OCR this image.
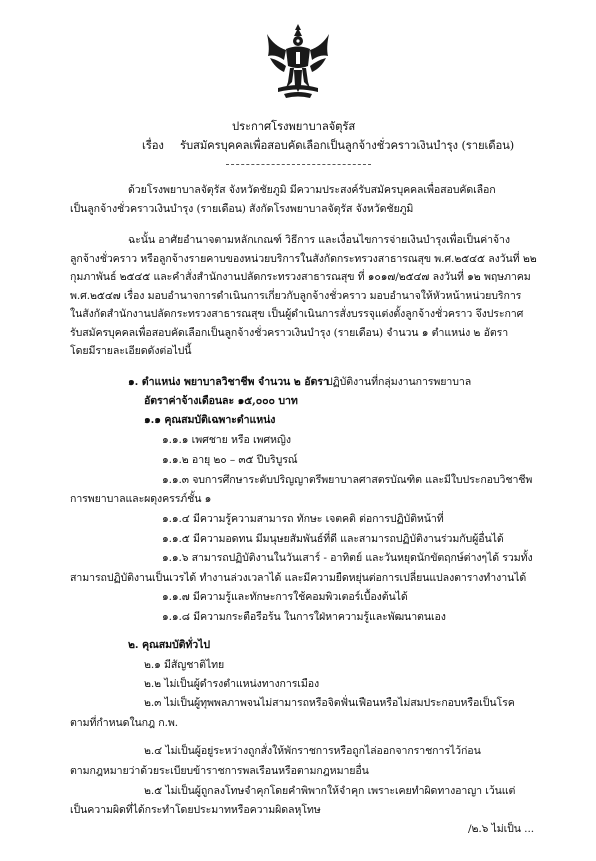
ประกาศโรงพยาบาลจัตุรัส
เรื่อง รับสมัครบุคคลเพื่อสอบคัดเลือกเป็นลูกจ้างชั่วคราวเงินบำรุง (รายเดือน)
ด้วยโรงพยาบาลจัตุรัส จังหวัดชัยภูมิ มีความประสงค์รับสมัครบุคคลเพื่อสอบคัดเลือก
เป็นลูกจ้างชั่วคราวเงินบำรุง (รายเดือน) สังกัดโรงพยาบาลจัตุรัส จังหวัดชัยภูมิ
ฉะนั้น อาศัยอำนาจตามหลักเกณฑ์ วิธีการ และเงื่อนไขการจ่ายเงินบำรุงเพื่อเป็นค่าจ้าง
ลูกจ้างชั่วคราว หรือลูกจ้างรายคาบของหน่วยบริการในสังกัดกระทรวงสาธารณสุข พ.ศ.๒๕๔๕ ลงวันที่ ๒๒
กุมภาพันธ์ ๒๕๔๕ และคำสั่งสำนักงานปลัดกระทรวงสาธารณสุข ที่ ๑๐๑๗/๒๕๔๗ ลงวันที่ ๑๒ พฤษภาคม
พ.ศ.๒๕๔๗ เรื่อง มอบอำนาจการดำเนินการเกี่ยวกับลูกจ้างชั่วคราว มอบอำนาจให้หัวหน้าหน่วยบริการ
ในสังกัดสำนักงานปลัดกระทรวงสาธารณสุข เป็นผู้ดำเนินการสั่งบรรจุแต่งตั้งลูกจ้างชั่วคราว จึงประกาศ
รับสมัครบุคคลเพื่อสอบคัดเลือกเป็นลูกจ้างชั่วคราวเงินบำรุง (รายเดือน) จำนวน ๑ ตำแหน่ง ๒ อัตรา
โดยมีรายละเอียดดังต่อไปนี้
๑. ตำแหน่ง พยาบาลวิชาชีพ จำนวน ๒ อัตรา
ปฏิบัติงานที่กลุ่มงานการพยาบาล
อัตราค่าจ้างเดือนละ ๑๕,๐๐๐ บาท
๑.๑ คุณสมบัติเฉพาะตำแหน่ง
๑.๑.๑ เพศชาย หรือ เพศหญิง
๑.๑.๒ อายุ ๒๐ – ๓๕ ปีบริบูรณ์
๑.๑.๓ จบการศึกษาระดับปริญญาตรีพยาบาลศาสตรบัณฑิต และมีใบประกอบวิชาชีพ
การพยาบาลและผดุงครรภ์ชั้น ๑
๑.๑.๔ มีความรู้ความสามารถ ทักษะ เจตคติ ต่อการปฏิบัติหน้าที่
๑.๑.๕ มีความอดทน มีมนุษยสัมพันธ์ที่ดี และสามารถปฏิบัติงานร่วมกับผู้อื่นได้
๑.๑.๖ สามารถปฏิบัติงานในวันเสาร์ - อาทิตย์ และวันหยุดนักขัตฤกษ์ต่างๆได้ รวมทั้ง
สามารถปฏิบัติงานเป็นเวรได้ ทำงานล่วงเวลาได้ และมีความยืดหยุ่นต่อการเปลี่ยนแปลงตารางทำงานได้
๑.๑.๗ มีความรู้และทักษะการใช้คอมพิวเตอร์เบื้องต้นได้
๑.๑.๘ มีความกระตือรือร้น ในการใฝ่หาความรู้และพัฒนาตนเอง
๒. คุณสมบัติทั่วไป
๒.๑ มีสัญชาติไทย
๒.๒ ไม่เป็นผู้ดำรงตำแหน่งทางการเมือง
๒.๓ ไม่เป็นผู้ทุพพลภาพจนไม่สามารถหรือจิตฟั่นเฟือนหรือไม่สมประกอบหรือเป็นโรค
ตามที่กำหนดในกฎ ก.พ.
๒.๔ ไม่เป็นผู้อยู่ระหว่างถูกสั่งให้พักราชการหรือถูกไล่ออกจากราชการไว้ก่อน
ตามกฎหมายว่าด้วยระเบียบข้าราชการพลเรือนหรือตามกฎหมายอื่น
๒.๕ ไม่เป็นผู้ถูกลงโทษจำคุกโดยคำพิพากให้จำคุก เพราะเคยทำผิดทางอาญา เว้นแต่
เป็นความผิดที่ได้กระทำโดยประมาทหรือความผิดลหุโทษ
/๒.๖ ไม่เป็น ...
